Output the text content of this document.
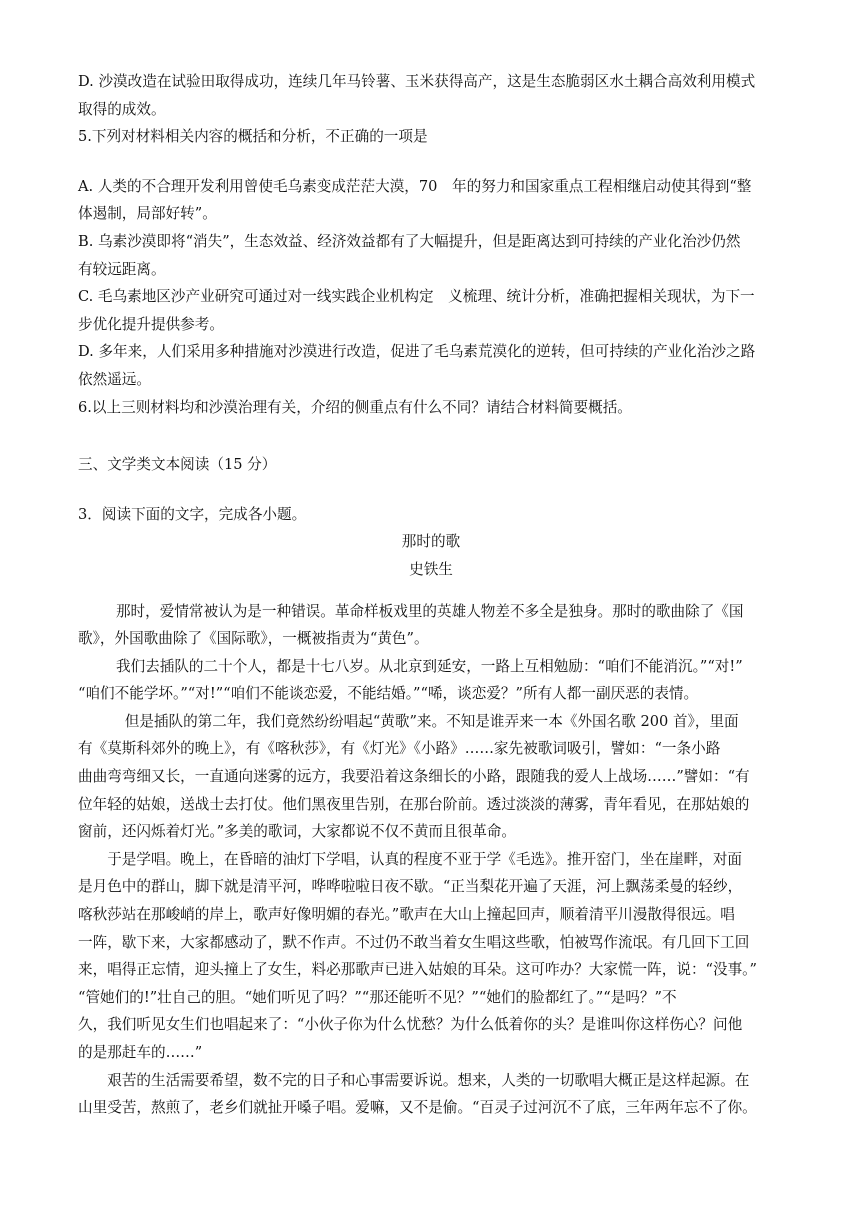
D. 沙漠改造在试验田取得成功，连续几年马铃薯、玉米获得高产，这是生态脆弱区水土耦合高效利用模式
取得的成效。
5.下列对材料相关内容的概括和分析，不正确的一项是
A. 人类的不合理开发利用曾使毛乌素变成茫茫大漠，70　年的努力和国家重点工程相继启动使其得到“整
体遏制，局部好转”。
B. 乌素沙漠即将“消失”，生态效益、经济效益都有了大幅提升，但是距离达到可持续的产业化治沙仍然
有较远距离。
C. 毛乌素地区沙产业研究可通过对一线实践企业机构定　义梳理、统计分析，准确把握相关现状，为下一
步优化提升提供参考。
D. 多年来，人们采用多种措施对沙漠进行改造，促进了毛乌素荒漠化的逆转，但可持续的产业化治沙之路
依然遥远。
6.以上三则材料均和沙漠治理有关，介绍的侧重点有什么不同？请结合材料简要概括。
三、文学类文本阅读（15 分）
3．阅读下面的文字，完成各小题。
那时的歌
史铁生
那时，爱情常被认为是一种错误。革命样板戏里的英雄人物差不多全是独身。那时的歌曲除了《国
歌》，外国歌曲除了《国际歌》，一概被指责为“黄色”。
我们去插队的二十个人，都是十七八岁。从北京到延安，一路上互相勉励：“咱们不能消沉。”“对!”
“咱们不能学坏。”“对!”“咱们不能谈恋爱，不能结婚。”“唏，谈恋爱？”所有人都一副厌恶的表情。
但是插队的第二年，我们竟然纷纷唱起“黄歌”来。不知是谁弄来一本《外国名歌 200 首》，里面
有《莫斯科郊外的晚上》，有《喀秋莎》，有《灯光》《小路》……家先被歌词吸引，譬如：“一条小路
曲曲弯弯细又长，一直通向迷雾的远方，我要沿着这条细长的小路，跟随我的爱人上战场……”譬如：“有
位年轻的姑娘，送战士去打仗。他们黑夜里告别，在那台阶前。透过淡淡的薄雾，青年看见，在那姑娘的
窗前，还闪烁着灯光。”多美的歌词，大家都说不仅不黄而且很革命。
于是学唱。晚上，在昏暗的油灯下学唱，认真的程度不亚于学《毛选》。推开窑门，坐在崖畔，对面
是月色中的群山，脚下就是清平河，哗哗啦啦日夜不歇。“正当梨花开遍了天涯，河上飘荡柔曼的轻纱，
喀秋莎站在那峻峭的岸上，歌声好像明媚的春光。”歌声在大山上撞起回声，顺着清平川漫散得很远。唱
一阵，歇下来，大家都感动了，默不作声。不过仍不敢当着女生唱这些歌，怕被骂作流氓。有几回下工回
来，唱得正忘情，迎头撞上了女生，料必那歌声已进入姑娘的耳朵。这可咋办？大家慌一阵，说：“没事。”
“管她们的!”壮自己的胆。“她们听见了吗？”“那还能听不见？”“她们的脸都红了。”“是吗？”不
久，我们听见女生们也唱起来了：“小伙子你为什么忧愁？为什么低着你的头？是谁叫你这样伤心？问他
的是那赶车的……”
艰苦的生活需要希望，数不完的日子和心事需要诉说。想来，人类的一切歌唱大概正是这样起源。在
山里受苦，熬煎了，老乡们就扯开嗓子唱。爱嘛，又不是偷。“百灵子过河沉不了底，三年两年忘不了你。
